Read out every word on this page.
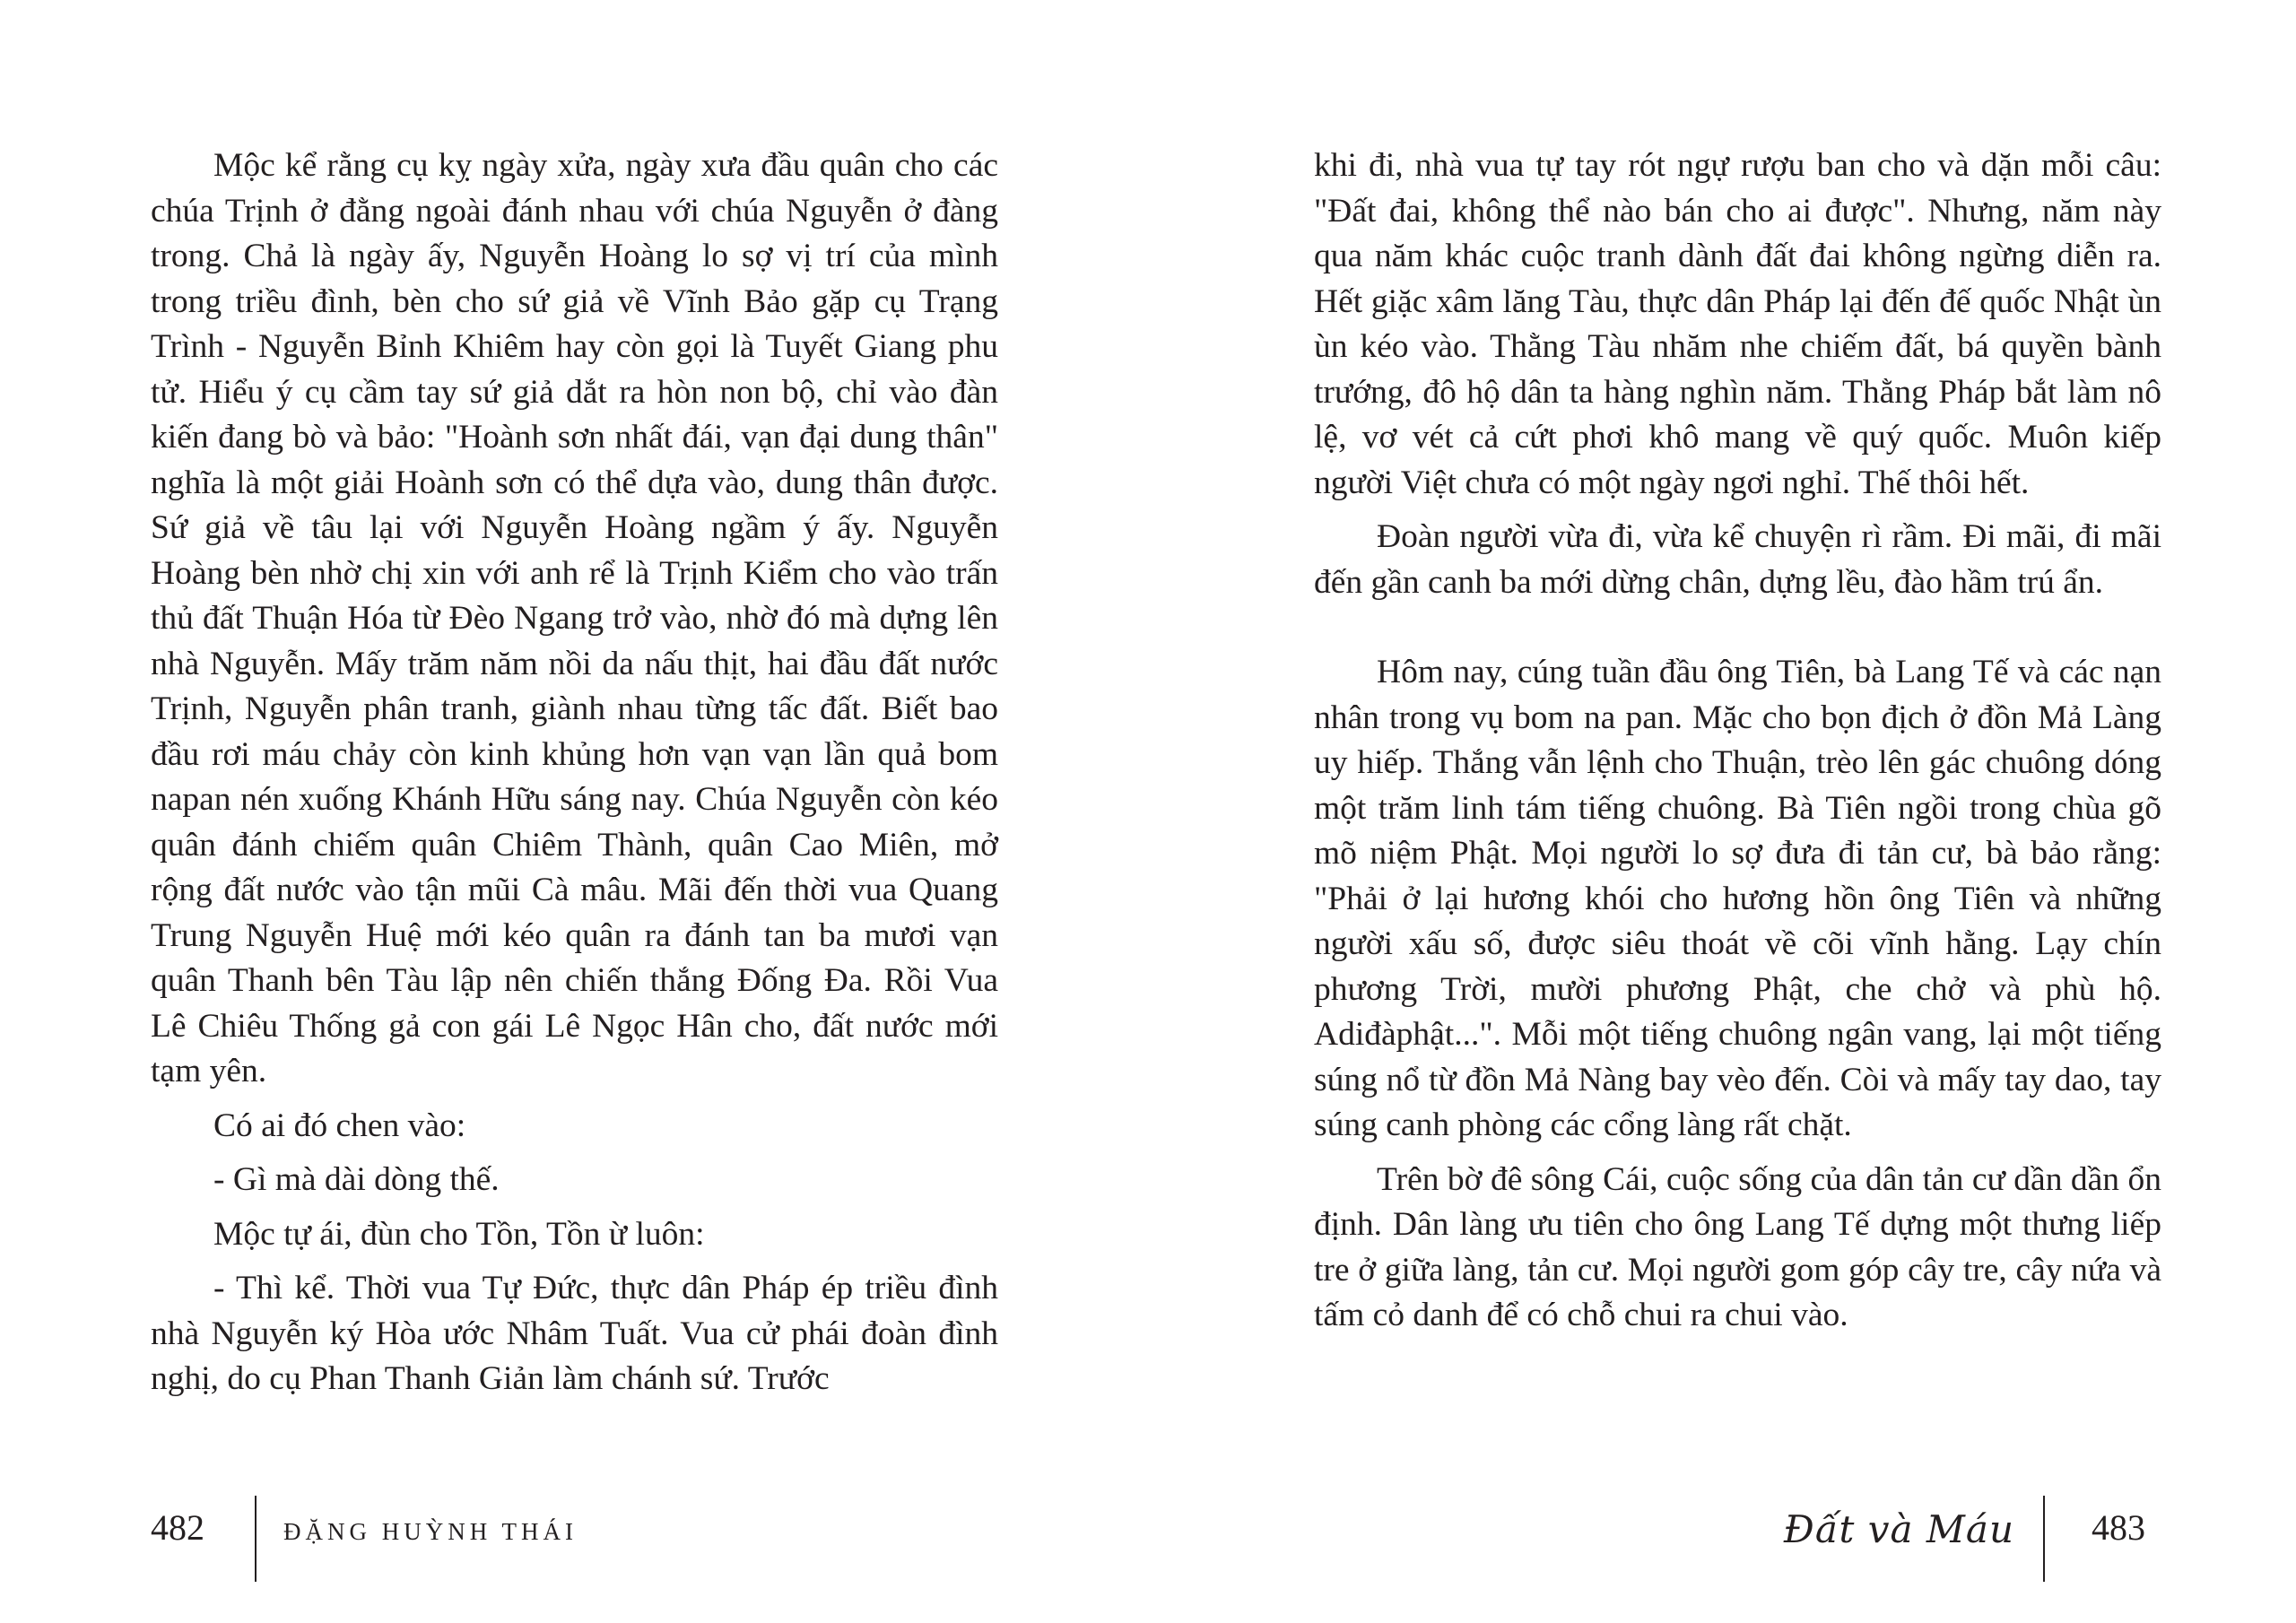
Mộc kể rằng cụ kỵ ngày xửa, ngày xưa đầu quân cho các chúa Trịnh ở đằng ngoài đánh nhau với chúa Nguyễn ở đàng trong. Chả là ngày ấy, Nguyễn Hoàng lo sợ vị trí của mình trong triều đình, bèn cho sứ giả về Vĩnh Bảo gặp cụ Trạng Trình - Nguyễn Bỉnh Khiêm hay còn gọi là Tuyết Giang phu tử. Hiểu ý cụ cầm tay sứ giả dắt ra hòn non bộ, chỉ vào đàn kiến đang bò và bảo: "Hoành sơn nhất đái, vạn đại dung thân" nghĩa là một giải Hoành sơn có thể dựa vào, dung thân được. Sứ giả về tâu lại với Nguyễn Hoàng ngầm ý ấy. Nguyễn Hoàng bèn nhờ chị xin với anh rể là Trịnh Kiểm cho vào trấn thủ đất Thuận Hóa từ Đèo Ngang trở vào, nhờ đó mà dựng lên nhà Nguyễn. Mấy trăm năm nồi da nấu thịt, hai đầu đất nước Trịnh, Nguyễn phân tranh, giành nhau từng tấc đất. Biết bao đầu rơi máu chảy còn kinh khủng hơn vạn vạn lần quả bom napan nén xuống Khánh Hữu sáng nay. Chúa Nguyễn còn kéo quân đánh chiếm quân Chiêm Thành, quân Cao Miên, mở rộng đất nước vào tận mũi Cà mâu. Mãi đến thời vua Quang Trung Nguyễn Huệ mới kéo quân ra đánh tan ba mươi vạn quân Thanh bên Tàu lập nên chiến thắng Đống Đa. Rồi Vua Lê Chiêu Thống gả con gái Lê Ngọc Hân cho, đất nước mới tạm yên.

Có ai đó chen vào:

- Gì mà dài dòng thế.

Mộc tự ái, đùn cho Tồn, Tồn ừ luôn:

- Thì kể. Thời vua Tự Đức, thực dân Pháp ép triều đình nhà Nguyễn ký Hòa ước Nhâm Tuất. Vua cử phái đoàn đình nghị, do cụ Phan Thanh Giản làm chánh sứ. Trước

482	ĐẶNG HUỲNH THÁI

khi đi, nhà vua tự tay rót ngự rượu ban cho và dặn mỗi câu: "Đất đai, không thể nào bán cho ai được". Nhưng, năm này qua năm khác cuộc tranh dành đất đai không ngừng diễn ra. Hết giặc xâm lăng Tàu, thực dân Pháp lại đến đế quốc Nhật ùn ùn kéo vào. Thằng Tàu nhăm nhe chiếm đất, bá quyền bành trướng, đô hộ dân ta hàng nghìn năm. Thằng Pháp bắt làm nô lệ, vơ vét cả cứt phơi khô mang về quý quốc. Muôn kiếp người Việt chưa có một ngày ngơi nghỉ. Thế thôi hết.

Đoàn người vừa đi, vừa kể chuyện rì rầm. Đi mãi, đi mãi đến gần canh ba mới dừng chân, dựng lều, đào hầm trú ẩn.

Hôm nay, cúng tuần đầu ông Tiên, bà Lang Tế và các nạn nhân trong vụ bom na pan. Mặc cho bọn địch ở đồn Mả Làng uy hiếp. Thắng vẫn lệnh cho Thuận, trèo lên gác chuông dóng một trăm linh tám tiếng chuông. Bà Tiên ngồi trong chùa gõ mõ niệm Phật. Mọi người lo sợ đưa đi tản cư, bà bảo rằng: "Phải ở lại hương khói cho hương hồn ông Tiên và những người xấu số, được siêu thoát về cõi vĩnh hằng. Lạy chín phương Trời, mười phương Phật, che chở và phù hộ. Adiđàphật...". Mỗi một tiếng chuông ngân vang, lại một tiếng súng nổ từ đồn Mả Nàng bay vèo đến. Còi và mấy tay dao, tay súng canh phòng các cổng làng rất chặt.

Trên bờ đê sông Cái, cuộc sống của dân tản cư dần dần ổn định. Dân làng ưu tiên cho ông Lang Tế dựng một thưng liếp tre ở giữa làng, tản cư. Mọi người gom góp cây tre, cây nứa và tấm cỏ danh để có chỗ chui ra chui vào.

Đất và Máu 483
